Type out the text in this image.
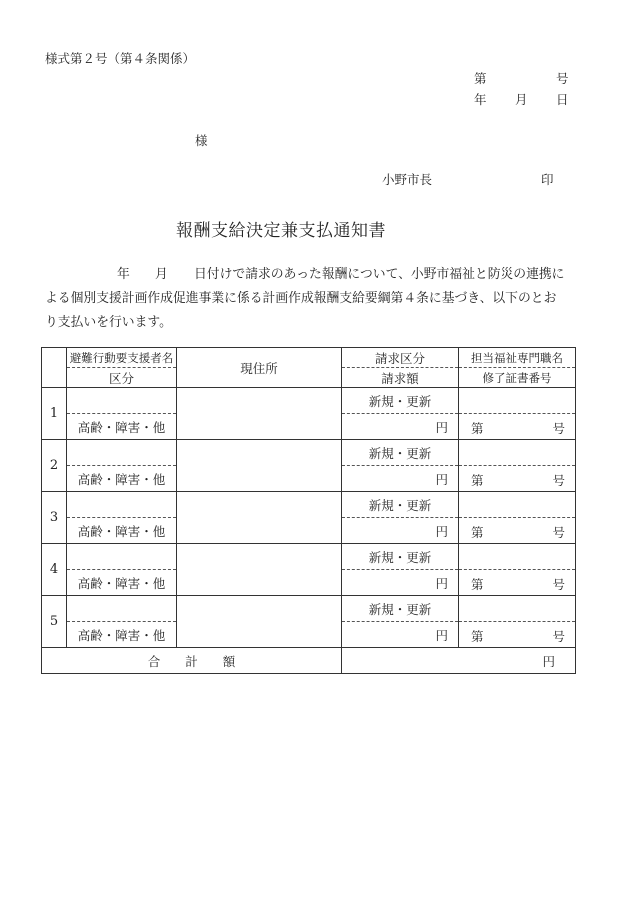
様式第２号（第４条関係）
第	号
年 月 日
様
小野市長	印
報酬支給決定兼支払通知書
年 月 日付けで請求のあった報酬について、小野市福祉と防災の連携に
よる個別支援計画作成促進事業に係る計画作成報酬支給要綱第４条に基づき、以下のとお
り支払いを行います。
	避難行動要支援者名	現住所	請求区分	担当福祉専門職名
	区分		請求額	修了証書番号
1			新規・更新	
	高齢・障害・他		円	第 号

2			新規・更新	
	高齢・障害・他		円	第 号

3			新規・更新	
	高齢・障害・他		円	第 号

4			新規・更新	
	高齢・障害・他		円	第 号

5			新規・更新	
	高齢・障害・他		円	第 号

合　　計　　額			円	
